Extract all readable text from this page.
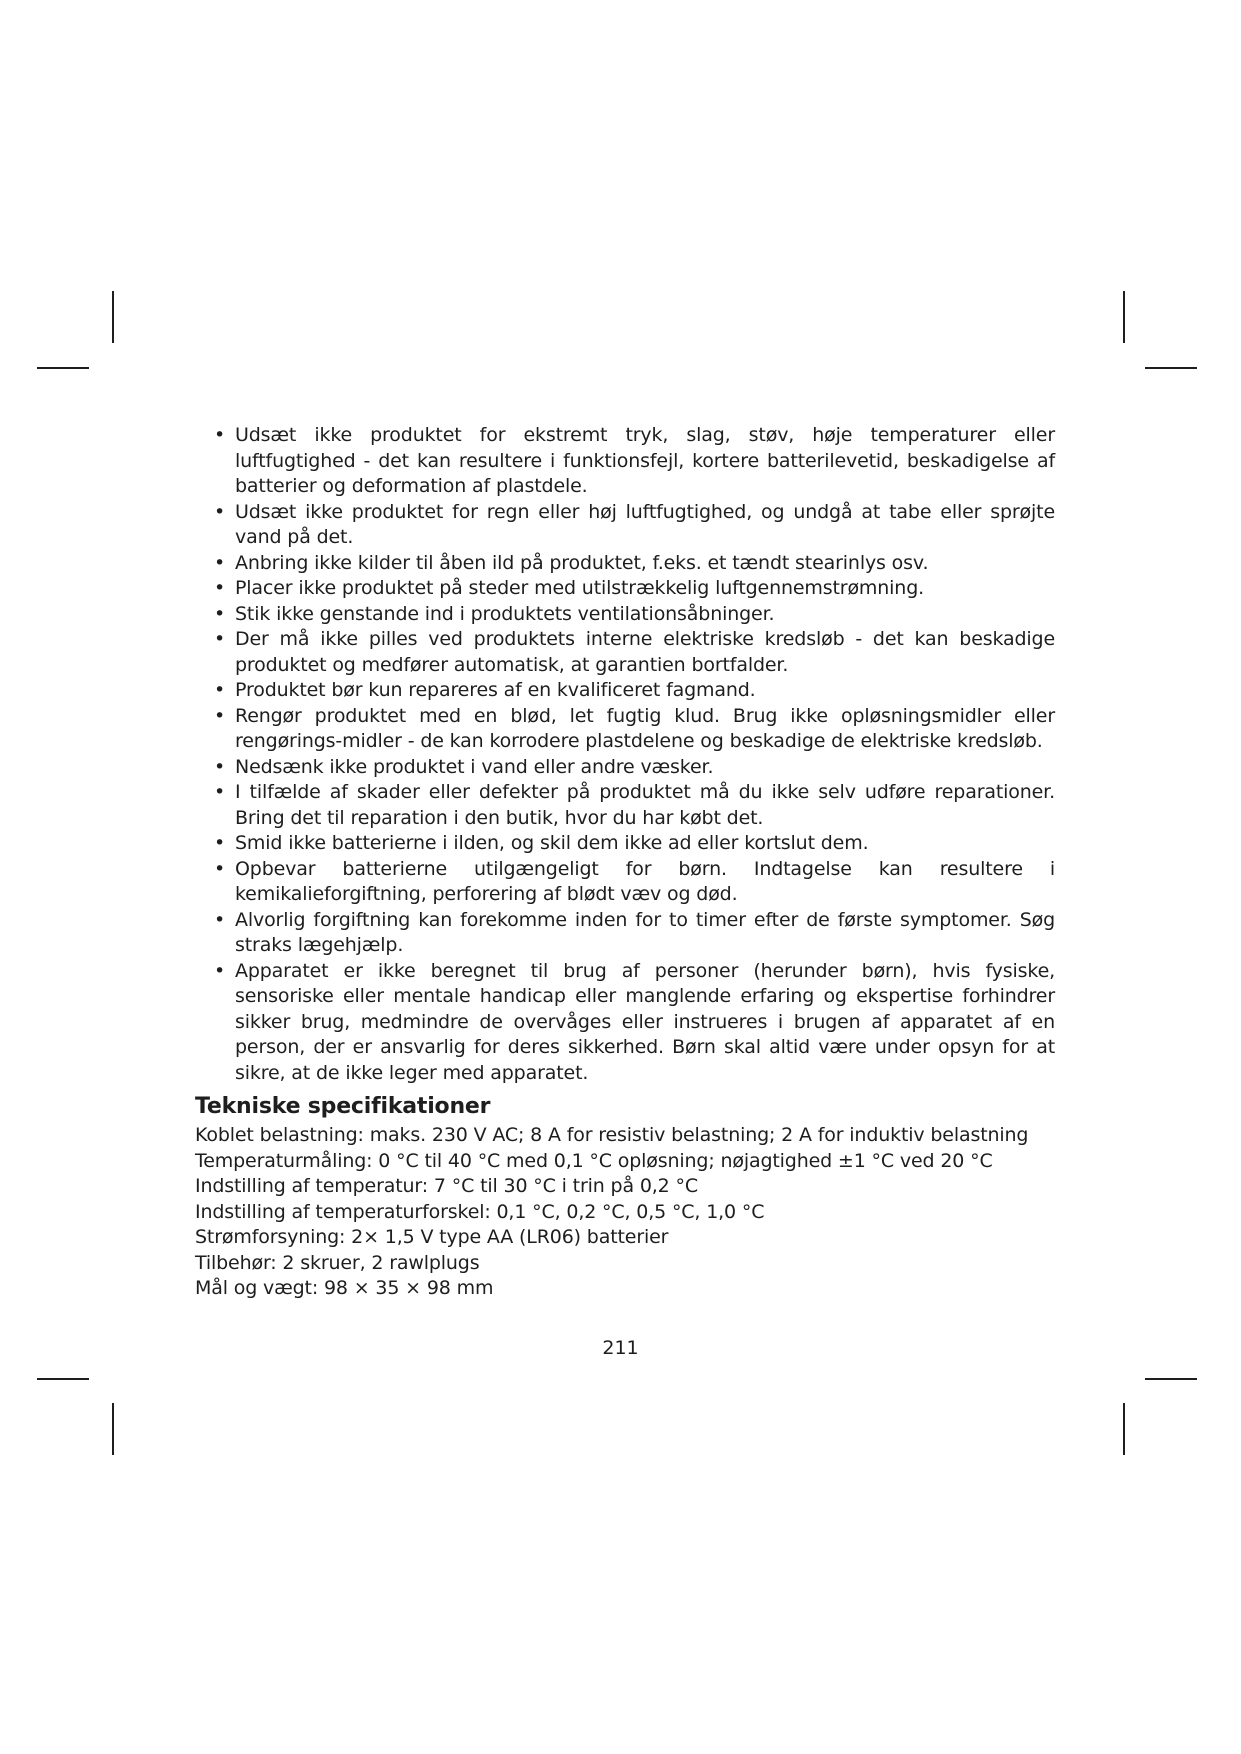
• Udsæt ikke produktet for ekstremt tryk, slag, støv, høje temperaturer eller luftfugtighed - det kan resultere i funktionsfejl, kortere batterilevetid, beskadigelse af batterier og deformation af plastdele.
• Udsæt ikke produktet for regn eller høj luftfugtighed, og undgå at tabe eller sprøjte vand på det.
• Anbring ikke kilder til åben ild på produktet, f.eks. et tændt stearinlys osv.
• Placer ikke produktet på steder med utilstrækkelig luftgennemstrømning.
• Stik ikke genstande ind i produktets ventilationsåbninger.
• Der må ikke pilles ved produktets interne elektriske kredsløb - det kan beskadige produktet og medfører automatisk, at garantien bortfalder.
• Produktet bør kun repareres af en kvalificeret fagmand.
• Rengør produktet med en blød, let fugtig klud. Brug ikke opløsningsmidler eller rengørings-midler - de kan korrodere plastdelene og beskadige de elektriske kredsløb.
• Nedsænk ikke produktet i vand eller andre væsker.
• I tilfælde af skader eller defekter på produktet må du ikke selv udføre reparationer. Bring det til reparation i den butik, hvor du har købt det.
• Smid ikke batterierne i ilden, og skil dem ikke ad eller kortslut dem.
• Opbevar batterierne utilgængeligt for børn. Indtagelse kan resultere i kemikalieforgiftning, perforering af blødt væv og død.
• Alvorlig forgiftning kan forekomme inden for to timer efter de første symptomer. Søg straks lægehjælp.
• Apparatet er ikke beregnet til brug af personer (herunder børn), hvis fysiske, sensoriske eller mentale handicap eller manglende erfaring og ekspertise forhindrer sikker brug, medmindre de overvåges eller instrueres i brugen af apparatet af en person, der er ansvarlig for deres sikkerhed. Børn skal altid være under opsyn for at sikre, at de ikke leger med apparatet.
Tekniske specifikationer
Koblet belastning: maks. 230 V AC; 8 A for resistiv belastning; 2 A for induktiv belastning
Temperaturmåling: 0 °C til 40 °C med 0,1 °C opløsning; nøjagtighed ±1 °C ved 20 °C
Indstilling af temperatur: 7 °C til 30 °C i trin på 0,2 °C
Indstilling af temperaturforskel: 0,1 °C, 0,2 °C, 0,5 °C, 1,0 °C
Strømforsyning: 2× 1,5 V type AA (LR06) batterier
Tilbehør: 2 skruer, 2 rawlplugs
Mål og vægt: 98 × 35 × 98 mm
211
